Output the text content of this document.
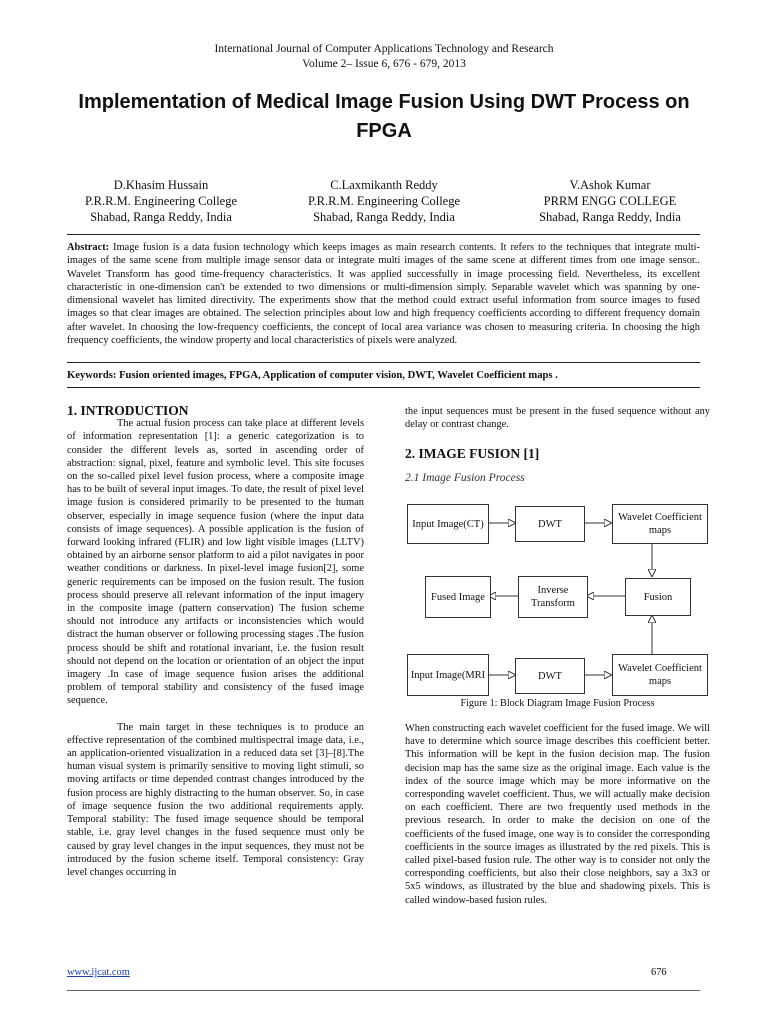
International Journal of Computer Applications Technology and Research
Volume 2– Issue 6, 676 - 679, 2013
Implementation of Medical Image Fusion Using DWT Process on FPGA
D.Khasim Hussain
P.R.R.M. Engineering College
Shabad, Ranga Reddy, India
C.Laxmikanth Reddy
P.R.R.M. Engineering College
Shabad, Ranga Reddy, India
V.Ashok Kumar
PRRM ENGG COLLEGE
Shabad, Ranga Reddy, India
Abstract: Image fusion is a data fusion technology which keeps images as main research contents. It refers to the techniques that integrate multi-images of the same scene from multiple image sensor data or integrate multi images of the same scene at different times from one image sensor.. Wavelet Transform has good time-frequency characteristics. It was applied successfully in image processing field. Nevertheless, its excellent characteristic in one-dimension can't be extended to two dimensions or multi-dimension simply. Separable wavelet which was spanning by one-dimensional wavelet has limited directivity. The experiments show that the method could extract useful information from source images to fused images so that clear images are obtained. The selection principles about low and high frequency coefficients according to different frequency domain after wavelet. In choosing the low-frequency coefficients, the concept of local area variance was chosen to measuring criteria. In choosing the high frequency coefficients, the window property and local characteristics of pixels were analyzed.
Keywords: Fusion oriented images, FPGA, Application of computer vision, DWT, Wavelet Coefficient maps .
1. INTRODUCTION
The actual fusion process can take place at different levels of information representation [1]: a generic categorization is to consider the different levels as, sorted in ascending order of abstraction: signal, pixel, feature and symbolic level. This site focuses on the so-called pixel level fusion process, where a composite image has to be built of several input images. To date, the result of pixel level image fusion is considered primarily to be presented to the human observer, especially in image sequence fusion (where the input data consists of image sequences). A possible application is the fusion of forward looking infrared (FLIR) and low light visible images (LLTV) obtained by an airborne sensor platform to aid a pilot navigates in poor weather conditions or darkness. In pixel-level image fusion[2], some generic requirements can be imposed on the fusion result. The fusion process should preserve all relevant information of the input imagery in the composite image (pattern conservation) The fusion scheme should not introduce any artifacts or inconsistencies which would distract the human observer or following processing stages .The fusion process should be shift and rotational invariant, i.e. the fusion result should not depend on the location or orientation of an object the input imagery .In case of image sequence fusion arises the additional problem of temporal stability and consistency of the fused image sequence.
The main target in these techniques is to produce an effective representation of the combined multispectral image data, i.e., an application-oriented visualization in a reduced data set [3]–[8].The human visual system is primarily sensitive to moving light stimuli, so moving artifacts or time depended contrast changes introduced by the fusion process are highly distracting to the human observer. So, in case of image sequence fusion the two additional requirements apply. Temporal stability: The fused image sequence should be temporal stable, i.e. gray level changes in the fused sequence must only be caused by gray level changes in the input sequences, they must not be introduced by the fusion scheme itself. Temporal consistency: Gray level changes occurring in
the input sequences must be present in the fused sequence without any delay or contrast change.
2. IMAGE FUSION [1]
2.1 Image Fusion Process
Input Image(CT)	DWT
Wavelet Coefficient maps
Fused Image
Inverse Transform
Fusion
Input Image(MRI	DWT
Wavelet Coefficient maps
Figure 1: Block Diagram Image Fusion Process
When constructing each wavelet coefficient for the fused image. We will have to determine which source image describes this coefficient better. This information will be kept in the fusion decision map. The fusion decision map has the same size as the original image. Each value is the index of the source image which may be more informative on the corresponding wavelet coefficient. Thus, we will actually make decision on each coefficient. There are two frequently used methods in the previous research. In order to make the decision on one of the coefficients of the fused image, one way is to consider the corresponding coefficients in the source images as illustrated by the red pixels. This is called pixel-based fusion rule. The other way is to consider not only the corresponding coefficients, but also their close neighbors, say a 3x3 or 5x5 windows, as illustrated by the blue and shadowing pixels. This is called window-based fusion rules.
www.ijcat.com	676
